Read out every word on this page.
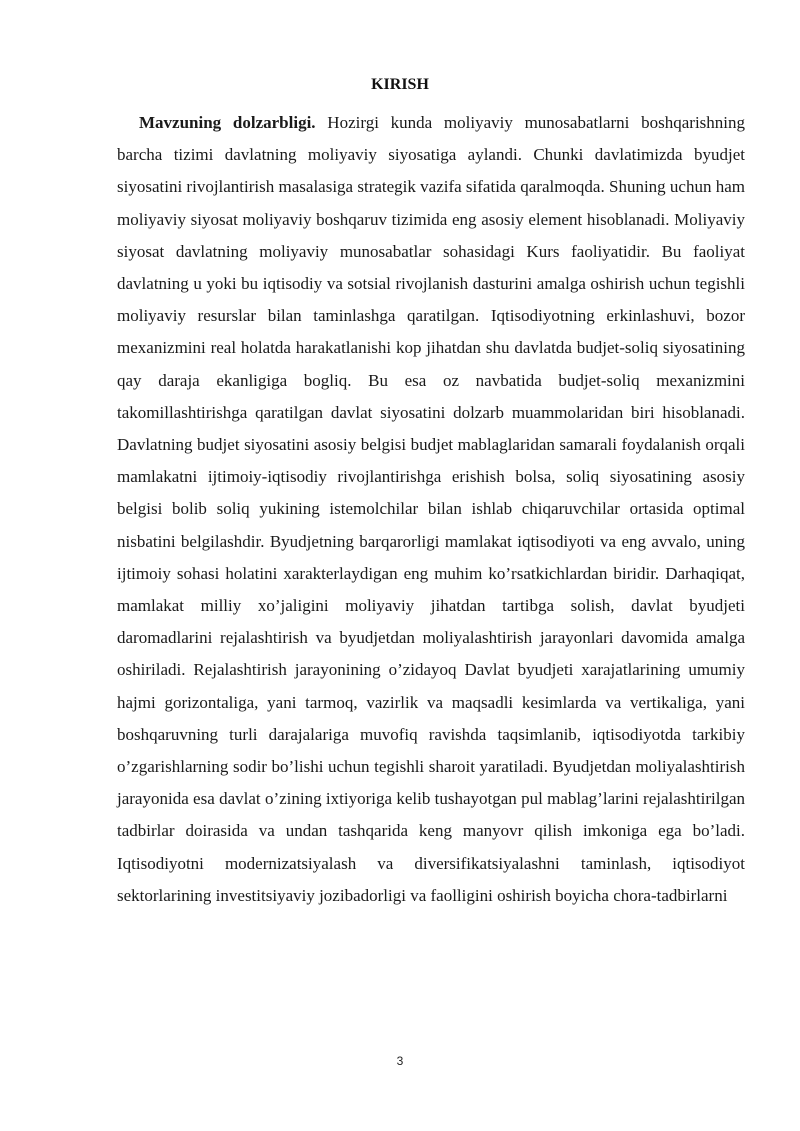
KIRISH

Mavzuning dolzarbligi. Hozirgi kunda moliyaviy munosabatlarni boshqarishning barcha tizimi davlatning moliyaviy siyosatiga aylandi. Chunki davlatimizda byudjet siyosatini rivojlantirish masalasiga strategik vazifa sifatida qaralmoqda. Shuning uchun ham moliyaviy siyosat moliyaviy boshqaruv tizimida eng asosiy element hisoblanadi. Moliyaviy siyosat davlatning moliyaviy munosabatlar sohasidagi Kurs faoliyatidir. Bu faoliyat davlatning u yoki bu iqtisodiy va sotsial rivojlanish dasturini amalga oshirish uchun tegishli moliyaviy resurslar bilan taminlashga qaratilgan. Iqtisodiyotning erkinlashuvi, bozor mexanizmini real holatda harakatlanishi kop jihatdan shu davlatda budjet-soliq siyosatining qay daraja ekanligiga bogliq. Bu esa oz navbatida budjet-soliq mexanizmini takomillashtirishga qaratilgan davlat siyosatini dolzarb muammolaridan biri hisoblanadi. Davlatning budjet siyosatini asosiy belgisi budjet mablaglaridan samarali foydalanish orqali mamlakatni ijtimoiy-iqtisodiy rivojlantirishga erishish bolsa, soliq siyosatining asosiy belgisi bolib soliq yukining istemolchilar bilan ishlab chiqaruvchilar ortasida optimal nisbatini belgilashdir. Byudjetning barqarorligi mamlakat iqtisodiyoti va eng avvalo, uning ijtimoiy sohasi holatini xarakterlaydigan eng muhim ko’rsatkichlardan biridir. Darhaqiqat, mamlakat milliy xo’jaligini moliyaviy jihatdan tartibga solish, davlat byudjeti daromadlarini rejalashtirish va byudjetdan moliyalashtirish jarayonlari davomida amalga oshiriladi. Rejalashtirish jarayonining o’zidayoq Davlat byudjeti xarajatlarining umumiy hajmi gorizontaliga, yani tarmoq, vazirlik va maqsadli kesimlarda va vertikaliga, yani boshqaruvning turli darajalariga muvofiq ravishda taqsimlanib, iqtisodiyotda tarkibiy o’zgarishlarning sodir bo’lishi uchun tegishli sharoit yaratiladi. Byudjetdan moliyalashtirish jarayonida esa davlat o’zining ixtiyoriga kelib tushayotgan pul mablag’larini rejalashtirilgan tadbirlar doirasida va undan tashqarida keng manyovr qilish imkoniga ega bo’ladi. Iqtisodiyotni modernizatsiyalash va diversifikatsiyalashni taminlash, iqtisodiyot sektorlarining investitsiyaviy jozibadorligi va faolligini oshirish boyicha chora-tadbirlarni

3
